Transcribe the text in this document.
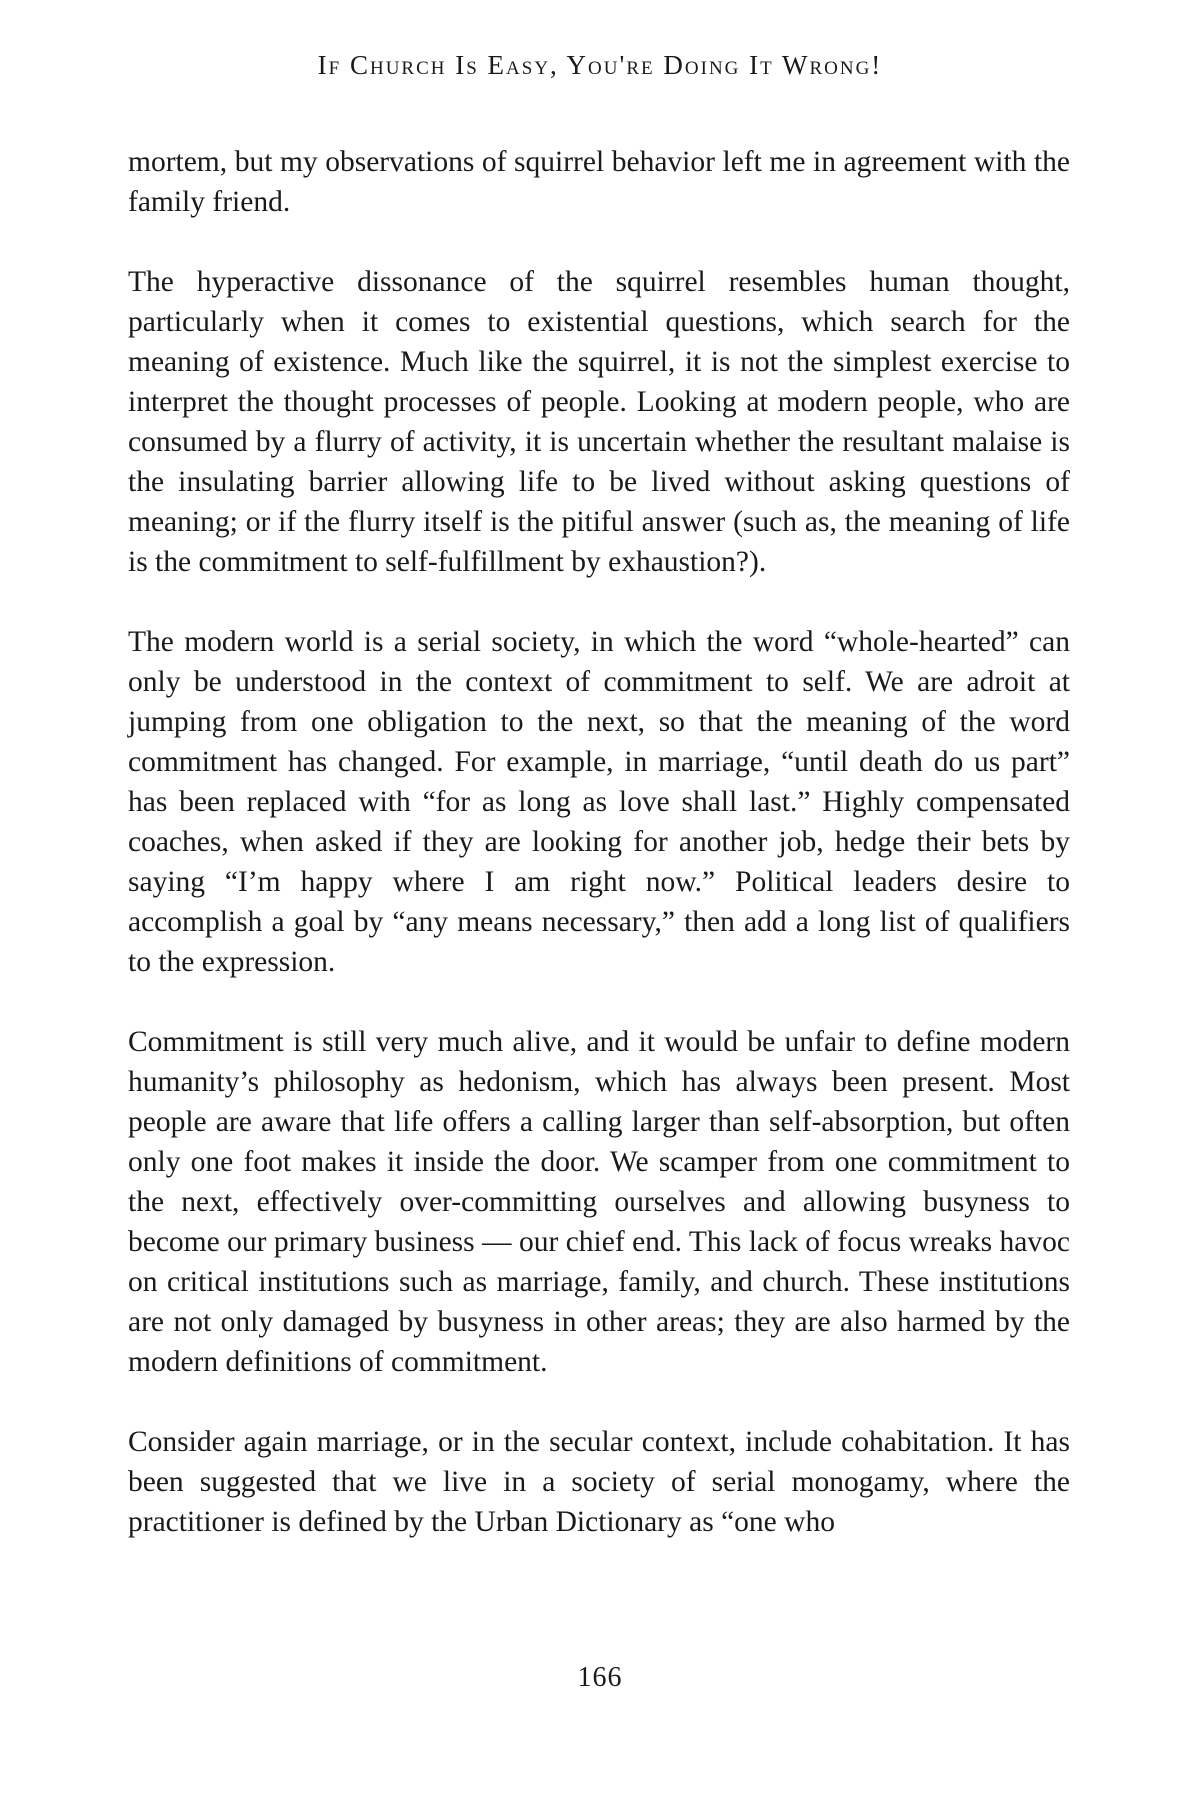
If Church Is Easy, You're Doing It Wrong!

mortem, but my observations of squirrel behavior left me in agreement with the family friend.

The hyperactive dissonance of the squirrel resembles human thought, particularly when it comes to existential questions, which search for the meaning of existence. Much like the squirrel, it is not the simplest exercise to interpret the thought processes of people. Looking at modern people, who are consumed by a flurry of activity, it is uncertain whether the resultant malaise is the insulating barrier allowing life to be lived without asking questions of meaning; or if the flurry itself is the pitiful answer (such as, the meaning of life is the commitment to self-fulfillment by exhaustion?).

The modern world is a serial society, in which the word “whole-hearted” can only be understood in the context of commitment to self. We are adroit at jumping from one obligation to the next, so that the meaning of the word commitment has changed. For example, in marriage, “until death do us part” has been replaced with “for as long as love shall last.” Highly compensated coaches, when asked if they are looking for another job, hedge their bets by saying “I’m happy where I am right now.” Political leaders desire to accomplish a goal by “any means necessary,” then add a long list of qualifiers to the expression.

Commitment is still very much alive, and it would be unfair to define modern humanity’s philosophy as hedonism, which has always been present. Most people are aware that life offers a calling larger than self-absorption, but often only one foot makes it inside the door. We scamper from one commitment to the next, effectively over-committing ourselves and allowing busyness to become our primary business — our chief end. This lack of focus wreaks havoc on critical institutions such as marriage, family, and church. These institutions are not only damaged by busyness in other areas; they are also harmed by the modern definitions of commitment.

Consider again marriage, or in the secular context, include cohabitation. It has been suggested that we live in a society of serial monogamy, where the practitioner is defined by the Urban Dictionary as “one who

166
